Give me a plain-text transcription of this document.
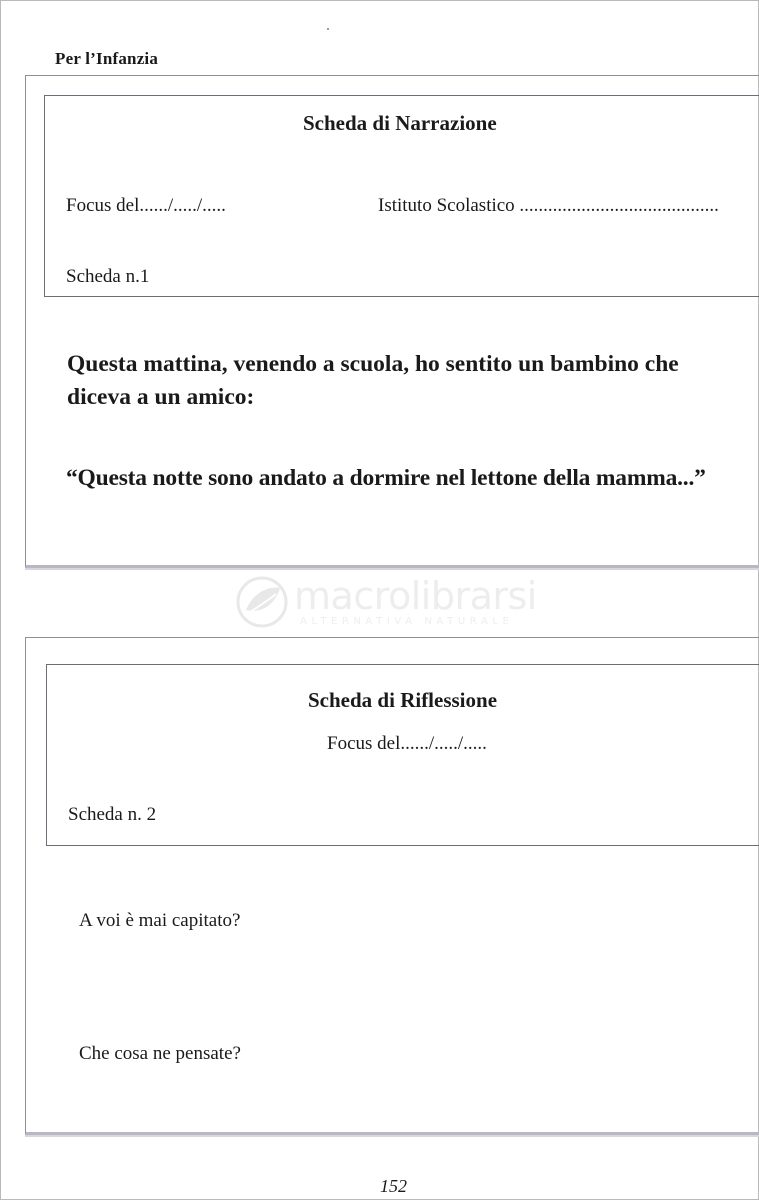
Per l’Infanzia
Scheda di Narrazione
Focus del....../...../.....	Istituto Scolastico ..........................................
Scheda n.1
Questa mattina, venendo a scuola, ho sentito un bambino che
diceva a un amico:
“Questa notte sono andato a dormire nel lettone della mamma...”
macrolibrarsi
ALTERNATIVA NATURALE
Scheda di Riflessione
Focus del....../...../.....
Scheda n. 2
A voi è mai capitato?
Che cosa ne pensate?
152
